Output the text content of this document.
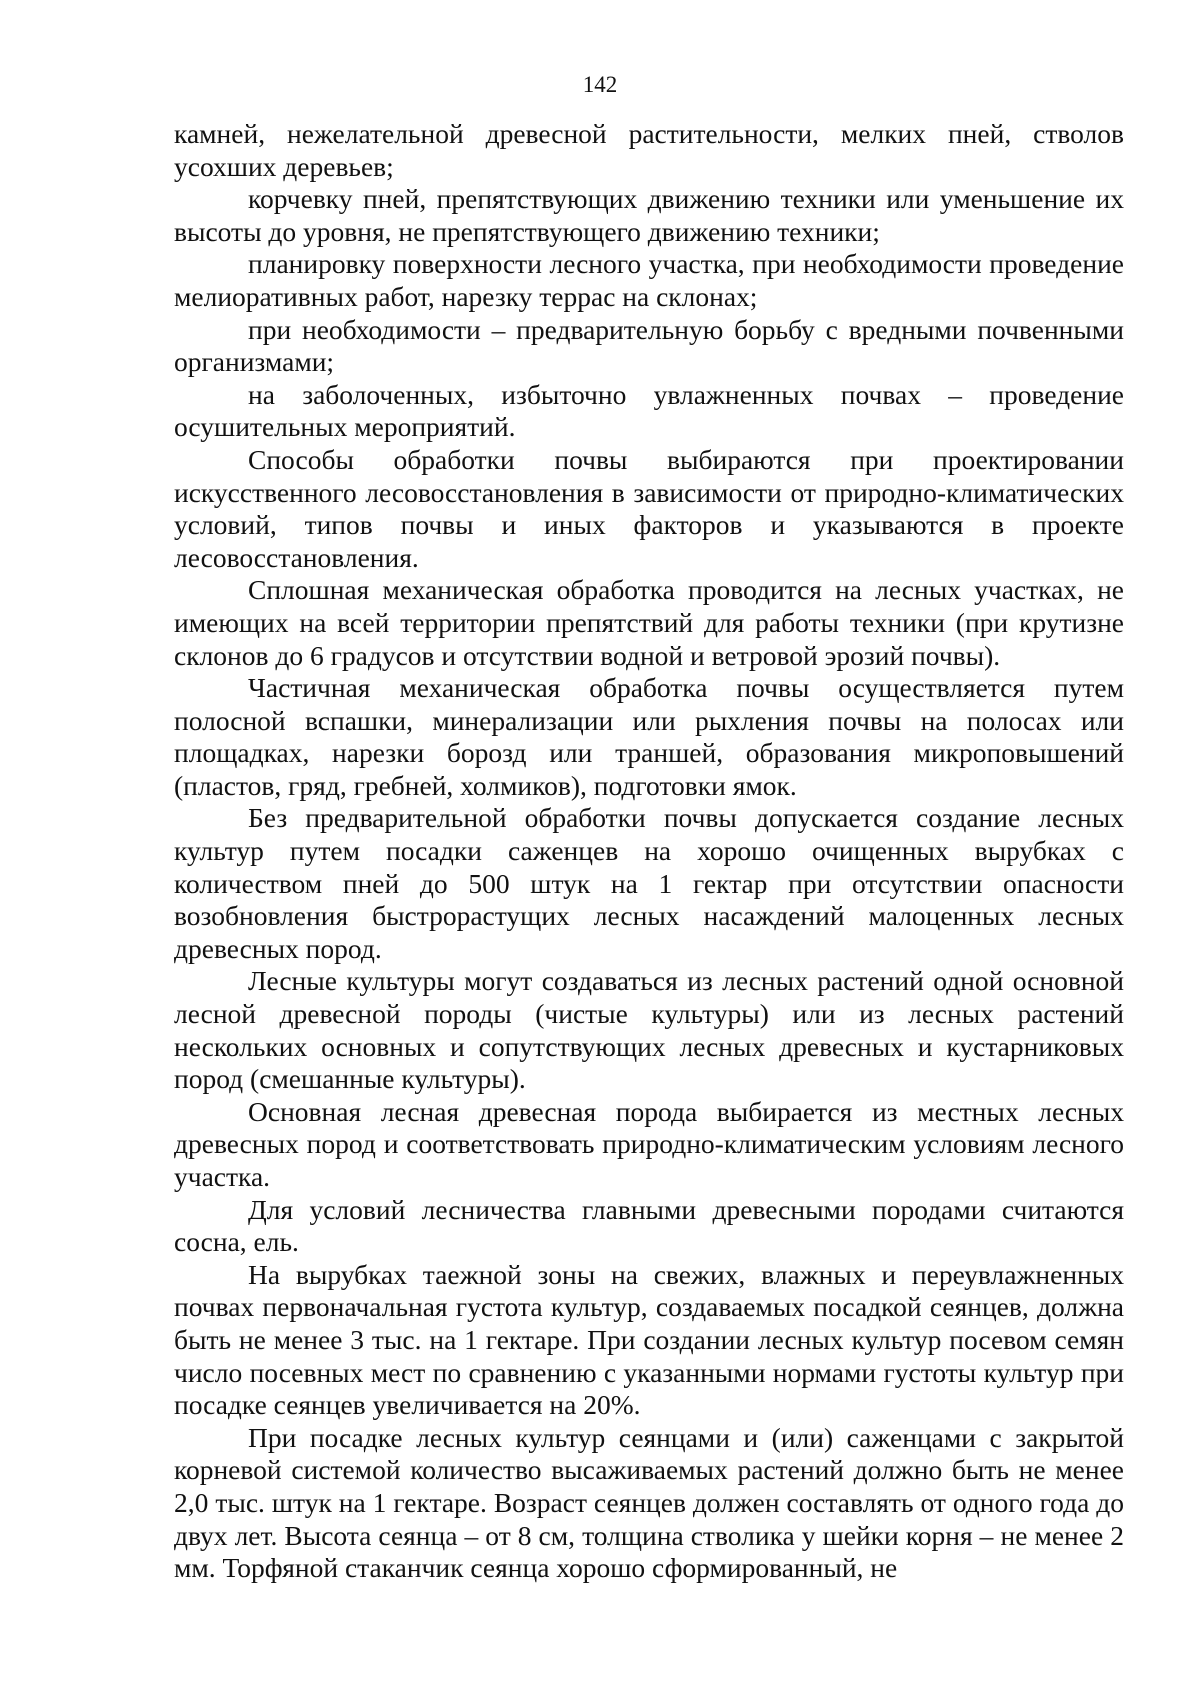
142

камней, нежелательной древесной растительности, мелких пней, стволов усохших деревьев;

корчевку пней, препятствующих движению техники или уменьшение их высоты до уровня, не препятствующего движению техники;

планировку поверхности лесного участка, при необходимости проведение мелиоративных работ, нарезку террас на склонах;

при необходимости – предварительную борьбу с вредными почвенными организмами;

на заболоченных, избыточно увлажненных почвах – проведение осушительных мероприятий.

Способы обработки почвы выбираются при проектировании искусственного лесовосстановления в зависимости от природно-климатических условий, типов почвы и иных факторов и указываются в проекте лесовосстановления.

Сплошная механическая обработка проводится на лесных участках, не имеющих на всей территории препятствий для работы техники (при крутизне склонов до 6 градусов и отсутствии водной и ветровой эрозий почвы).

Частичная механическая обработка почвы осуществляется путем полосной вспашки, минерализации или рыхления почвы на полосах или площадках, нарезки борозд или траншей, образования микроповышений (пластов, гряд, гребней, холмиков), подготовки ямок.

Без предварительной обработки почвы допускается создание лесных культур путем посадки саженцев на хорошо очищенных вырубках с количеством пней до 500 штук на 1 гектар при отсутствии опасности возобновления быстрорастущих лесных насаждений малоценных лесных древесных пород.

Лесные культуры могут создаваться из лесных растений одной основной лесной древесной породы (чистые культуры) или из лесных растений нескольких основных и сопутствующих лесных древесных и кустарниковых пород (смешанные культуры).

Основная лесная древесная порода выбирается из местных лесных древесных пород и соответствовать природно-климатическим условиям лесного участка.

Для условий лесничества главными древесными породами считаются сосна, ель.

На вырубках таежной зоны на свежих, влажных и переувлажненных почвах первоначальная густота культур, создаваемых посадкой сеянцев, должна быть не менее 3 тыс. на 1 гектаре. При создании лесных культур посевом семян число посевных мест по сравнению с указанными нормами густоты культур при посадке сеянцев увеличивается на 20%.

При посадке лесных культур сеянцами и (или) саженцами с закрытой корневой системой количество высаживаемых растений должно быть не менее 2,0 тыс. штук на 1 гектаре. Возраст сеянцев должен составлять от одного года до двух лет. Высота сеянца – от 8 см, толщина стволика у шейки корня – не менее 2 мм. Торфяной стаканчик сеянца хорошо сформированный, не
